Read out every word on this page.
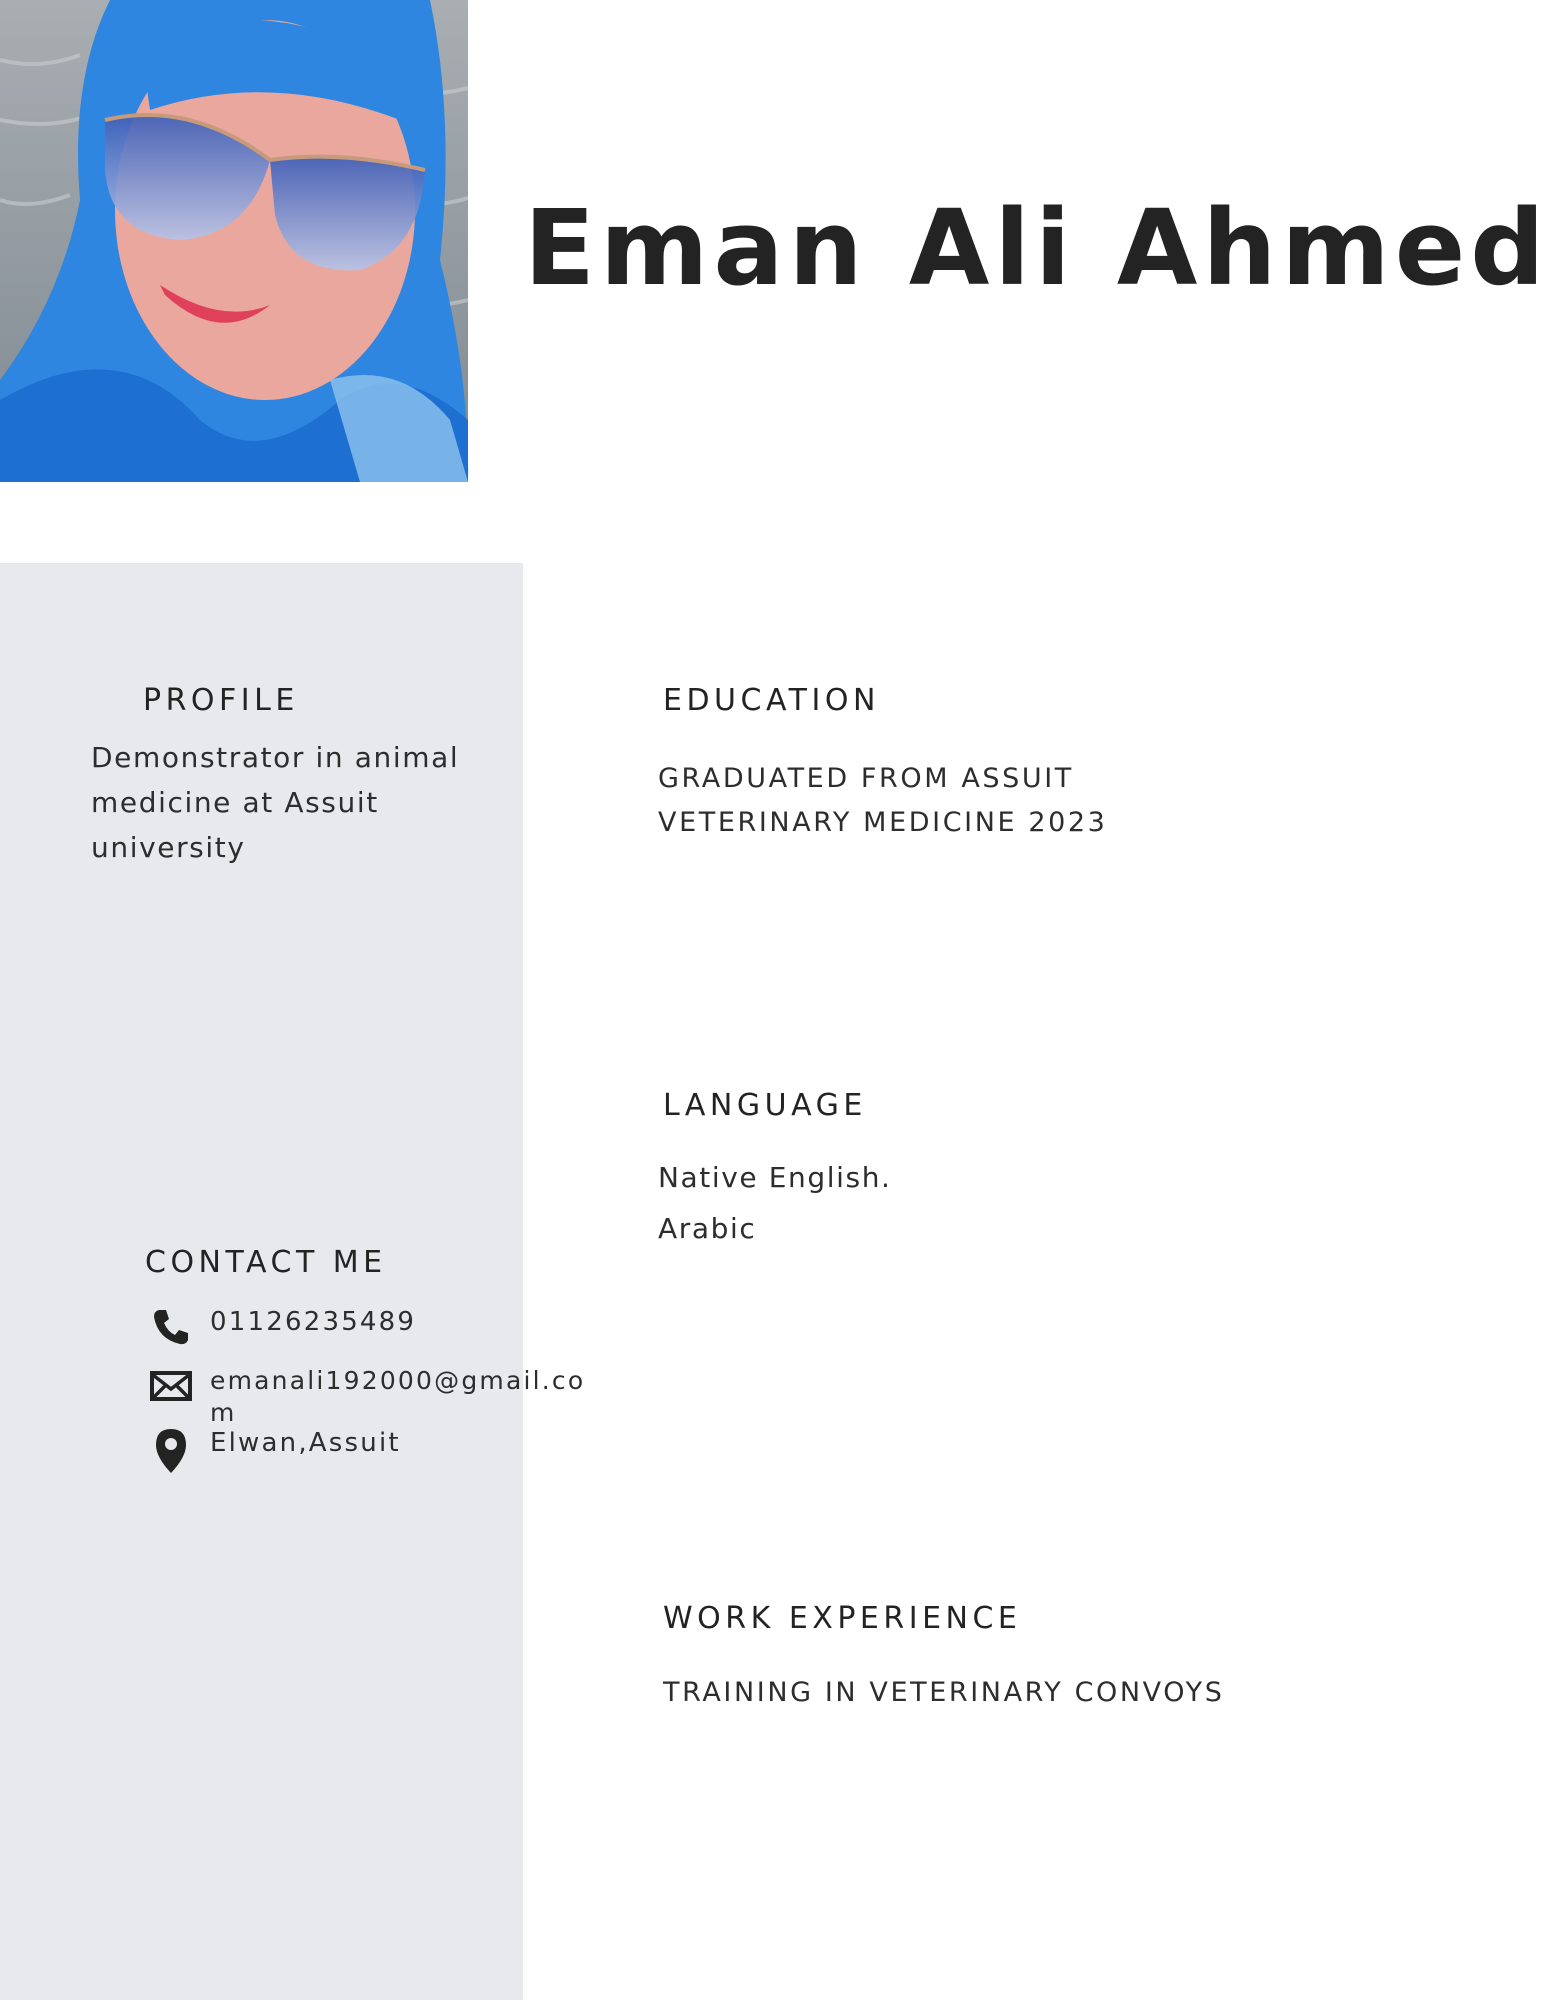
Eman Ali Ahmed
PROFILE

Demonstrator in animal

medicine at Assuit

university

CONTACT ME
01126235489
emanali192000@gmail.co
m
Elwan,Assuit
EDUCATION

GRADUATED FROM ASSUIT

VETERINARY MEDICINE 2023

LANGUAGE

Native English.

Arabic

WORK EXPERIENCE

TRAINING IN VETERINARY CONVOYS
